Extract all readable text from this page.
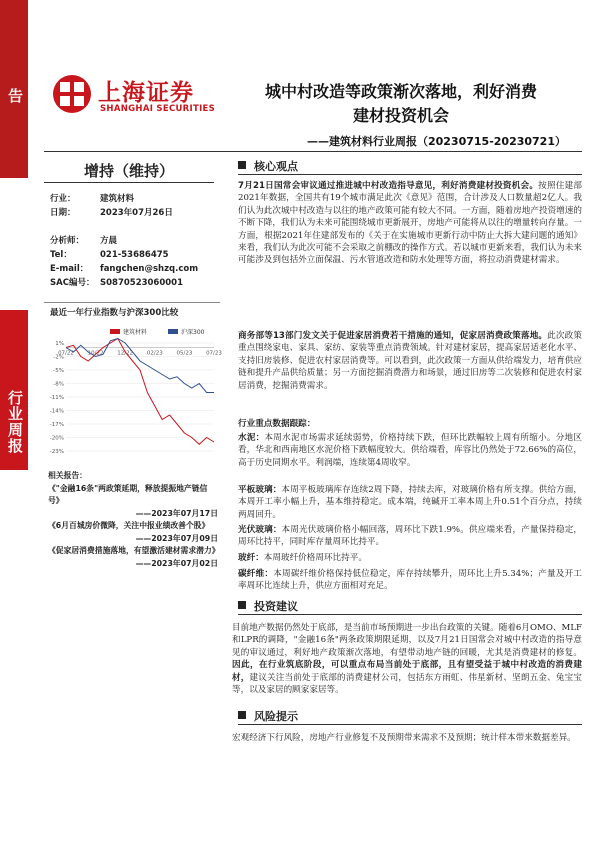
证券研究报告
行业周报
上海证券
SHANGHAI SECURITIES
城中村改造等政策渐次落地，利好消费
建材投资机会
——建筑材料行业周报（20230715-20230721）
增持（维持）
行业：	建筑材料
日期：	2023年07月26日
分析师： 方晨
Tel：	021-53686475
E-mail： fangchen@shzq.com
SAC编号： S0870523060001
最近一年行业指数与沪深300比较
建筑材料	沪深300
1%
-2%
-5%
-8%
-11%
-14%
-17%
-20%
-23%
07/22 10/22 12/22 02/23 05/23 07/23
相关报告：
《"金融16条"两政策延期，释放提振地产链信号》
——2023年07月17日
《6月百城房价微降，关注中报业绩改善个股》
——2023年07月09日
《促家居消费措施落地，有望激活建材需求潜力》
——2023年07月02日
核心观点
7月21日国常会审议通过推进城中村改造指导意见，利好消费建材投资机会。按照住建部2021年数据，全国共有19个城市满足此次《意见》范围，合计涉及人口数量超2亿人。我们认为此次城中村改造与以往的地产政策可能有较大不同。一方面，随着房地产投资增速的不断下降，我们认为未来可能围绕城市更新展开，房地产可能将从以往的增量转向存量。一方面，根据2021年住建部发布的《关于在实施城市更新行动中防止大拆大建问题的通知》来看，我们认为此次可能不会采取之前棚改的操作方式。若以城市更新来看，我们认为未来可能涉及到包括外立面保温、污水管道改造和防水处理等方面，将拉动消费建材需求。
商务部等13部门发文关于促进家居消费若干措施的通知，促家居消费政策落地。此次政策重点围绕家电、家具、家纺、家装等重点消费领域。针对建材家居，提高家居适老化水平、支持旧房装修、促进农村家居消费等。可以看到，此次政策一方面从供给端发力，培育供应链和提升产品供给质量；另一方面挖掘消费潜力和场景，通过旧房等二次装修和促进农村家居消费，挖掘消费需求。
行业重点数据跟踪：
水泥：本周水泥市场需求延续弱势，价格持续下跌，但环比跌幅较上周有所缩小。分地区看，华北和西南地区水泥价格下跌幅度较大。供给端看，库容比仍然处于72.66%的高位，高于历史同期水平。利润端，连续第4周收窄。
平板玻璃：本周平板玻璃库存连续2周下降，持续去库，对玻璃价格有所支撑。供给方面，本周开工率小幅上升，基本维持稳定。成本端，纯碱开工率本周上升0.51个百分点，持续两周回升。
光伏玻璃：本周光伏玻璃价格小幅回落，周环比下跌1.9%。供应端来看，产量保持稳定，周环比持平，同时库存量周环比持平。
玻纤：本周玻纤价格周环比持平。
碳纤维：本周碳纤维价格保持低位稳定，库存持续攀升，周环比上升5.34%；产量及开工率周环比连续上升，供应方面相对充足。
投资建议
目前地产数据仍然处于底部，是当前市场预期进一步出台政策的关键。随着6月OMO、MLF和LPR的调降，"金融16条"两条政策期限延期，以及7月21日国常会对城中村改造的指导意见的审议通过，利好地产政策渐次落地，有望带动地产链的回暖，尤其是消费建材的修复。因此，在行业筑底阶段，可以重点布局当前处于底部，且有望受益于城中村改造的消费建材，建议关注当前处于底部的消费建材公司，包括东方雨虹、伟星新材、坚朗五金、兔宝宝等，以及家居的顾家家居等。
风险提示
宏观经济下行风险，房地产行业修复不及预期带来需求不及预期；统计样本带来数据差异。
